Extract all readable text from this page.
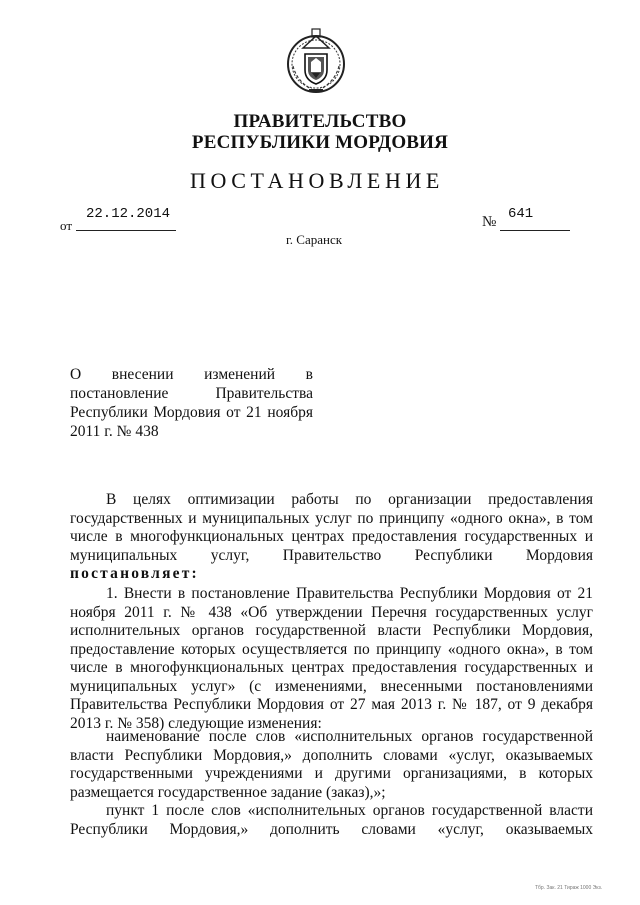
ПРАВИТЕЛЬСТВО
РЕСПУБЛИКИ МОРДОВИЯ
ПОСТАНОВЛЕНИЕ
от
22.12.2014	№ 641
г. Саранск
О внесении изменений в
постановление Правительства
Республики Мордовия от 21 ноября
2011 г. № 438

В целях оптимизации работы по организации предоставления государственных и муниципальных услуг по принципу «одного окна», в том числе в многофункциональных центрах предоставления государственных и муниципальных услуг, Правительство Республики Мордовия постановляет:

1. Внести в постановление Правительства Республики Мордовия от 21 ноября 2011 г. № 438 «Об утверждении Перечня государственных услуг исполнительных органов государственной власти Республики Мордовия, предоставление которых осуществляется по принципу «одного окна», в том числе в многофункциональных центрах предоставления государственных и муниципальных услуг» (с изменениями, внесенными постановлениями Правительства Республики Мордовия от 27 мая 2013 г. № 187, от 9 декабря 2013 г. № 358) следующие изменения:

наименование после слов «исполнительных органов государственной власти Республики Мордовия,» дополнить словами «услуг, оказываемых государственными учреждениями и другими организациями, в которых размещается государственное задание (заказ),»;

пункт 1 после слов «исполнительных органов государственной власти Республики Мордовия,» дополнить словами «услуг, оказываемых

Тбр. Зак. 21 Тираж 1000 Экз.
